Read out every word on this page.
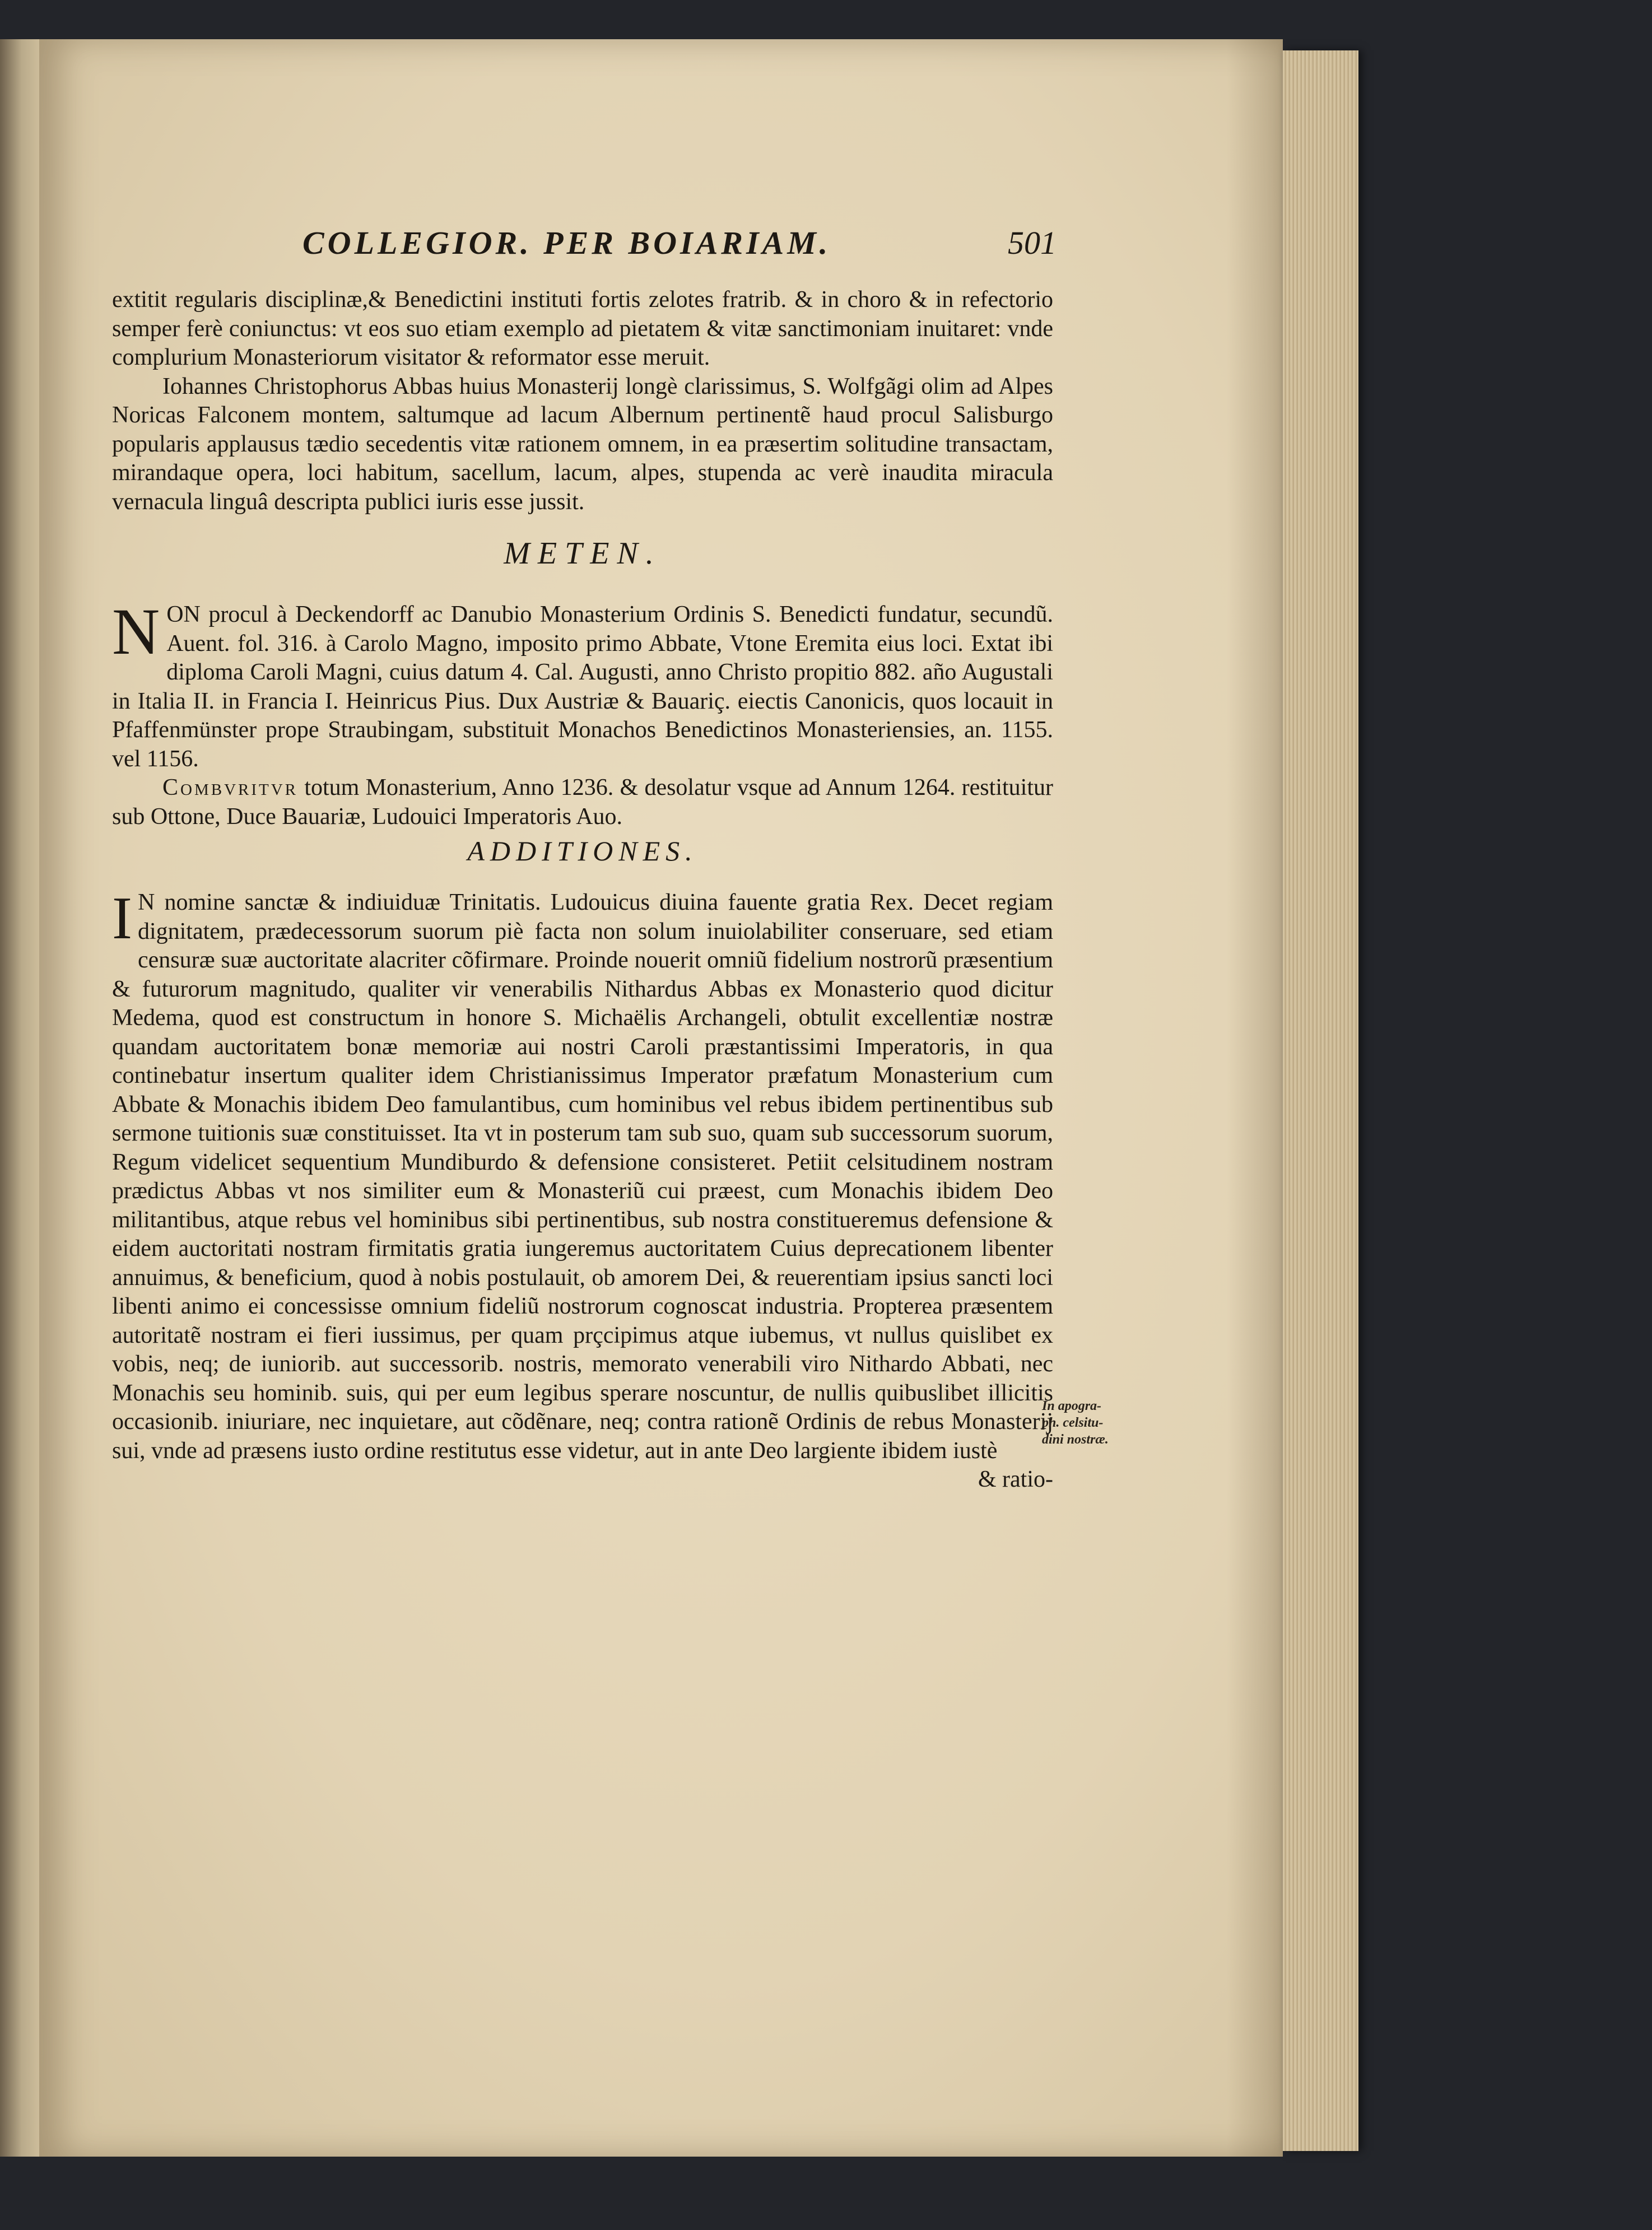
COLLEGIOR. PER BOIARIAM.	501

extitit regularis disciplinæ,& Benedictini instituti fortis zelotes fratrib. & in choro & in refectorio semper ferè coniunctus: vt eos suo etiam exemplo ad pietatem & vitæ sanctimoniam inuitaret: vnde complurium Monasteriorum visitator & reformator esse meruit.

Iohannes Christophorus Abbas huius Monasterij longè clarissimus, S. Wolfgãgi olim ad Alpes Noricas Falconem montem, saltumque ad lacum Albernum pertinentẽ haud procul Salisburgo popularis applausus tædio secedentis vitæ rationem omnem, in ea præsertim solitudine transactam, mirandaque opera, loci habitum, sacellum, lacum, alpes, stupenda ac verè inaudita miracula vernacula linguâ descripta publici iuris esse jussit.

METEN.

NON procul à Deckendorff ac Danubio Monasterium Ordinis S. Benedicti fundatur, secundũ. Auent. fol. 316. à Carolo Magno, imposito primo Abbate, Vtone Eremita eius loci. Extat ibi diploma Caroli Magni, cuius datum 4. Cal. Augusti, anno Christo propitio 882. año Augustali in Italia II. in Francia I. Heinricus Pius. Dux Austriæ & Bauariç. eiectis Canonicis, quos locauit in Pfaffenmünster prope Straubingam, substituit Monachos Benedictinos Monasteriensies, an. 1155. vel 1156.

Combvritvr totum Monasterium, Anno 1236. & desolatur vsque ad Annum 1264. restituitur sub Ottone, Duce Bauariæ, Ludouici Imperatoris Auo.

ADDITIONES.

I N nomine sanctæ & indiuiduæ Trinitatis. Ludouicus diuina fauente gratia Rex. Decet regiam dignitatem, prædecessorum suorum piè facta non solum inuiolabiliter conseruare, sed etiam censuræ suæ auctoritate alacriter cõfirmare. Proinde nouerit omniũ fidelium nostrorũ præsentium & futurorum magnitudo, qualiter vir venerabilis Nithardus Abbas ex Monasterio quod dicitur Medema, quod est constructum in honore S. Michaëlis Archangeli, obtulit excellentiæ nostræ quandam auctoritatem bonæ memoriæ aui nostri Caroli præstantissimi Imperatoris, in qua continebatur insertum qualiter idem Christianissimus Imperator præfatum Monasterium cum Abbate & Monachis ibidem Deo famulantibus, cum hominibus vel rebus ibidem pertinentibus sub sermone tuitionis suæ constituisset. Ita vt in posterum tam sub suo, quam sub successorum suorum, Regum videlicet sequentium Mundiburdo & defensione consisteret. Petiit celsitudinem nostram prædictus Abbas vt nos similiter eum & Monasteriũ cui præest, cum Monachis ibidem Deo militantibus, atque rebus vel hominibus sibi pertinentibus, sub nostra constitueremus defensione & eidem auctoritati nostram firmitatis gratia iungeremus auctoritatem Cuius deprecationem libenter annuimus, & beneficium, quod à nobis postulauit, ob amorem Dei, & reuerentiam ipsius sancti loci libenti animo ei concessisse omnium fideliũ nostrorum cognoscat industria. Propterea præsentem autoritatẽ nostram ei fieri iussimus, per quam prçcipimus atque iubemus, vt nullus quislibet ex vobis, neq; de iuniorib. aut successorib. nostris, memorato venerabili viro Nithardo Abbati, nec Monachis seu hominib. suis, qui per eum legibus sperare noscuntur, de nullis quibuslibet illicitis occasionib. iniuriare, nec inquietare, aut cõdẽnare, neq; contra rationẽ Ordinis de rebus Monasterij sui, vnde ad præsens iusto ordine restitutus esse videtur, aut in ante Deo largiente ibidem iustè

& ratio-

In apogra-
ph. celsitu-
dini nostræ.
